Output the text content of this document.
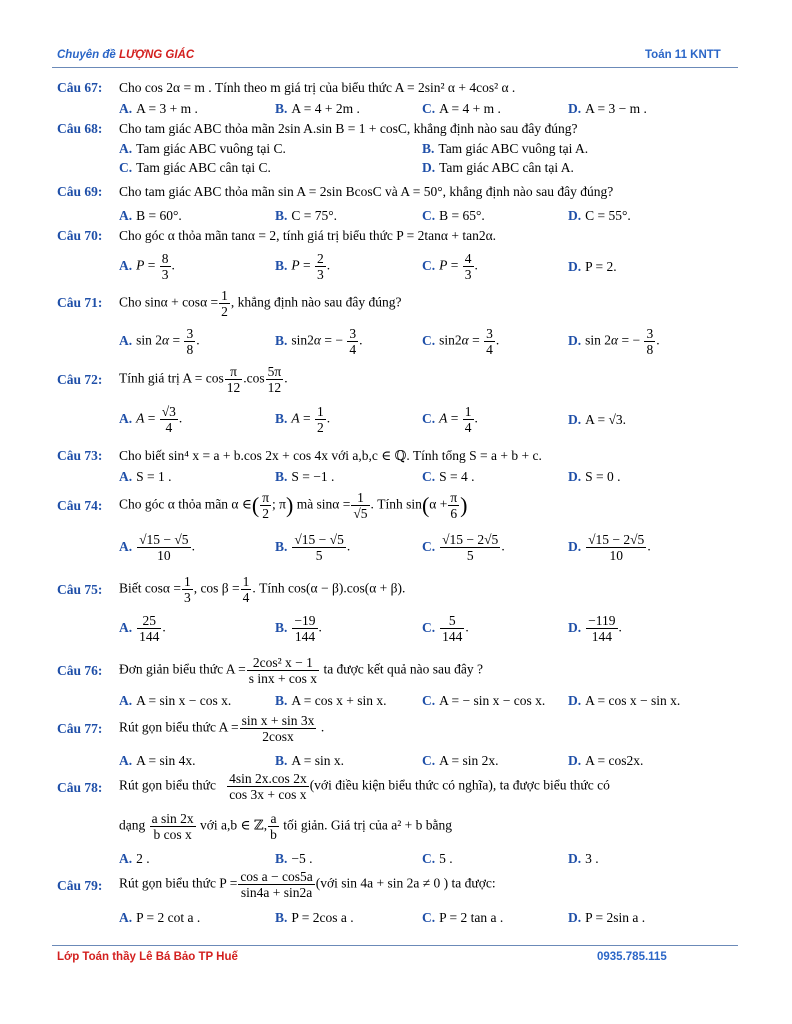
Chuyên đề LƯỢNG GIÁC	Toán 11 KNTT
Câu 67: Cho cos 2α = m . Tính theo m giá trị của biểu thức A = 2sin² α + 4cos² α .
A. A = 3 + m .	B. A = 4 + 2m .	C. A = 4 + m .	D. A = 3 − m .
Câu 68: Cho tam giác ABC thỏa mãn 2sin A.sin B = 1 + cosC, khẳng định nào sau đây đúng?
A. Tam giác ABC vuông tại C.	B. Tam giác ABC vuông tại A.
C. Tam giác ABC cân tại C.	D. Tam giác ABC cân tại A.
Câu 69: Cho tam giác ABC thỏa mãn sin A = 2sin BcosC và A = 50°, khẳng định nào sau đây đúng?
A. B = 60°.	B. C = 75°.	C. B = 65°.	D. C = 55°.
Câu 70: Cho góc α thỏa mãn tanα = 2, tính giá trị biểu thức P = 2tanα + tan2α.
A. $P = \frac{8}{3}$ .	B. $P = \frac{2}{3}$ .	C. $P = \frac{4}{3}$ .	D. P = 2.
Câu 71: Cho $\sin\alpha + \cos\alpha = \frac{1}{2}$ , khẳng định nào sau đây đúng?
A. $\sin 2\alpha = \frac{3}{8}$ .	B. sin2α = − $\frac{3}{4}$ .	C. $\sin 2\alpha = \frac{3}{4}$ .	D. sin 2α = − $\frac{3}{8}$ .
Câu 72: Tính giá trị $A = \cos \frac{\pi}{12} .\cos \frac{5\pi}{12}$ .
A. $A = \frac{√3}{4}$ .	B. $A = \frac{1}{2}$ .	C. $A = \frac{1}{4}$ .	D. A = √3.
Câu 73: Cho biết sin⁴ x = a + b.cos 2x + cos 4x với a,b,c ∈ ℚ. Tính tổng S = a + b + c.
A. S = 1 .	B. S = −1 .	C. S = 4 .	D. S = 0 .
Câu 74: Cho góc α thỏa mãn α ∈( $\frac{\pi}{2}$ ; π) mà $\sin\alpha = \frac{1}{√5}$ . Tính $\sin(\alpha + \frac{\pi}{6}$ )
A. $\frac{√15 - √5}{10}$ .	B. $\frac{√15 - √5}{5}$ .	C. $\frac{√15 - 2√5}{5}$ .	D. $\frac{√15 - 2√5}{10}$ .
Câu 75: Biết $\cos\alpha = \frac{1}{3}$ , $\cos \beta = \frac{1}{4}$ . Tính cos(α − β).cos(α + β).
A. $\frac{25}{144}$ .	B. $\frac{-19}{144}$ .	C. $\frac{5}{144}$ .	D. $\frac{-119}{144}$ .
Câu 76: Đơn giản biểu thức $A = \frac{\text{2cos² x − 1}}{\text{s inx + cos x}}$ ta được kết quả nào sau đây ?
A. A = sin x − cos x.	B. A = cos x + sin x.	C. A = − sin x − cos x. D. A = cos x − sin x.
Câu 77: Rút gọn biểu thức $A = \frac{\text{sin x + sin 3x}}{2\cos x}$ .
A. A = sin 4x.	B. A = sin x.	C. A = sin 2x.	D. A = cos2x.
Câu 78: Rút gọn biểu thức $\frac{4\sin 2x.\cos 2x}{\text{cos 3x + cos x}}$ (với điều kiện biểu thức có nghĩa), ta được biểu thức có
dạng $\frac{\text{a sin 2x}}{\text{b cos x}}$ với a,b ∈ ℤ, $\frac{a}{b}$ tối giản. Giá trị của a² + b bằng
A. 2 .	B. −5 .	C. 5 .	D. 3 .
Câu 79: Rút gọn biểu thức $P = \frac{\text{cos a − cos5a}}{\sin 4a + \sin 2a}$ (với sin 4a + sin 2a ≠ 0 ) ta được:
A. P = 2 cot a .	B. P = 2cos a .	C. P = 2 tan a .	D. P = 2sin a .
Lớp Toán thầy Lê Bá Bảo TP Huế	0935.785.115
